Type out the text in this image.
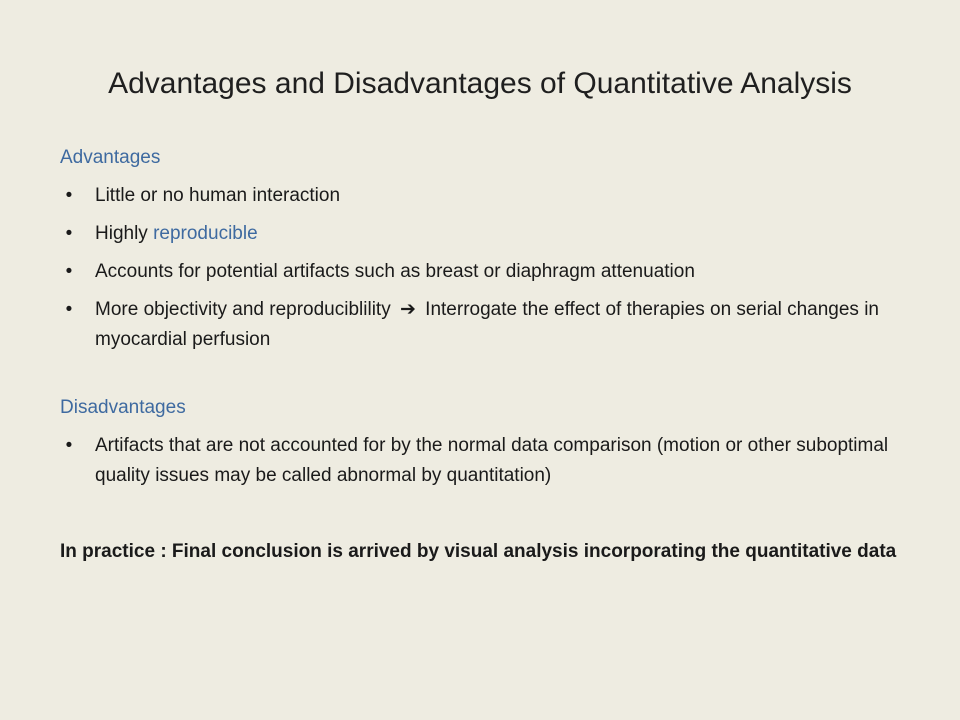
Advantages and Disadvantages of Quantitative Analysis
Advantages
• Little or no human interaction
• Highly reproducible
• Accounts for potential artifacts such as breast or diaphragm attenuation
• More objectivity and reproduciblility ➔ Interrogate the effect of therapies on serial changes in myocardial perfusion
Disadvantages
• Artifacts that are not accounted for by the normal data comparison (motion or other suboptimal quality issues may be called abnormal by quantitation)
In practice : Final conclusion is arrived by visual analysis incorporating the quantitative data
